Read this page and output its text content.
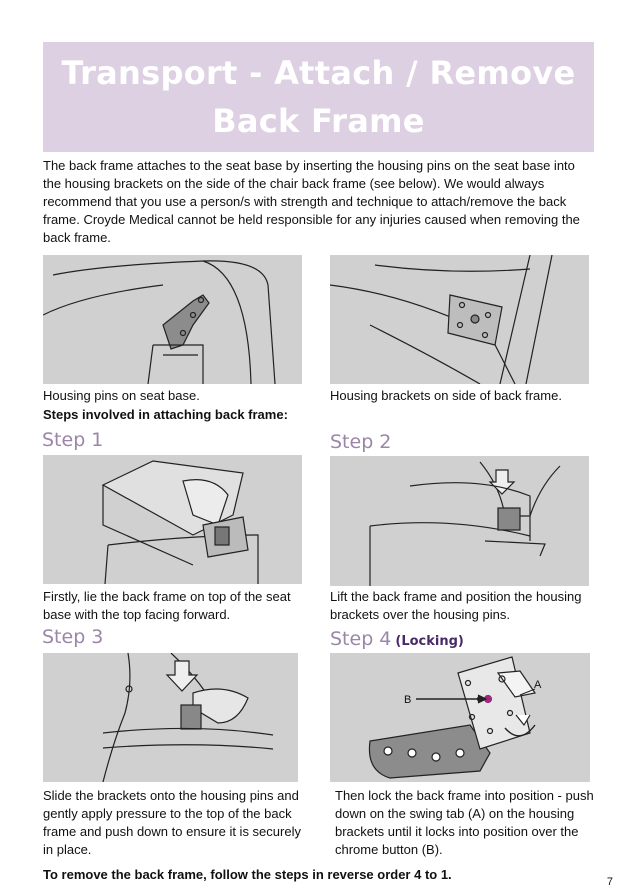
Transport - Attach / Remove
Back Frame

The back frame attaches to the seat base by inserting the housing pins on the seat base into the housing brackets on the side of the chair back frame (see below). We would always recommend that you use a person/s with strength and technique to attach/remove the back frame. Croyde Medical cannot be held responsible for any injuries caused when removing the back frame.

Housing pins on seat base.	Housing brackets on side of back frame.

Steps involved in attaching back frame:

Step 1

Firstly, lie the back frame on top of the seat base with the top facing forward.

Step 2

Lift the back frame and position the housing brackets over the housing pins.

Step 3

Slide the brackets onto the housing pins and gently apply pressure to the top of the back frame and push down to ensure it is securely in place.

Step 4 (Locking)
B
A

Then lock the back frame into position - push down on the swing tab (A) on the housing brackets until it locks into position over the chrome button (B).

To remove the back frame, follow the steps in reverse order 4 to 1.	7
